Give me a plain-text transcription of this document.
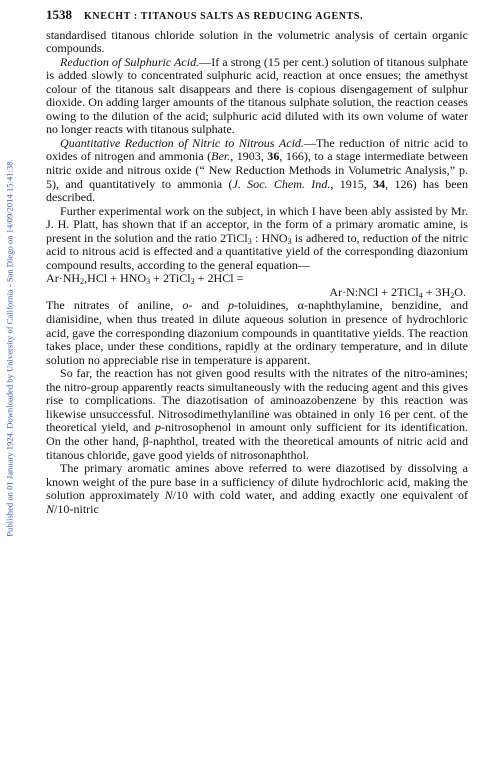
Published on 01 January 1924. Downloaded by University of California - San Diego on 14/09/2014 15:41:38.
1538 KNECHT : TITANOUS SALTS AS REDUCING AGENTS.

standardised titanous chloride solution in the volumetric analysis of certain organic compounds.

Reduction of Sulphuric Acid.—If a strong (15 per cent.) solution of titanous sulphate is added slowly to concentrated sulphuric acid, reaction at once ensues; the amethyst colour of the titanous salt disappears and there is copious disengagement of sulphur dioxide. On adding larger amounts of the titanous sulphate solution, the reaction ceases owing to the dilution of the acid; sulphuric acid diluted with its own volume of water no longer reacts with titanous sulphate.

Quantitative Reduction of Nitric to Nitrous Acid.—The reduction of nitric acid to oxides of nitrogen and ammonia (Ber., 1903, 36, 166), to a stage intermediate between nitric oxide and nitrous oxide (“ New Reduction Methods in Volumetric Analysis,” p. 5), and quantitatively to ammonia (J. Soc. Chem. Ind., 1915, 34, 126) has been described.

Further experimental work on the subject, in which I have been ably assisted by Mr. J. H. Platt, has shown that if an acceptor, in the form of a primary aromatic amine, is present in the solution and the ratio 2TiCl$_3$ : $HNO_3$ is adhered to, reduction of the nitric acid to nitrous acid is effected and a quantitative yield of the corresponding diazonium compound results, according to the general equation—

$Ar\cdot NH_2,HCl + HNO_3$ + 2TiCl$_3$ + 2HCl =

Ar·N:NCl + 2TiCl$_4$ + $3H_2O$.

The nitrates of aniline, o- and p-toluidines, α-naphthylamine, benzidine, and dianisidine, when thus treated in dilute aqueous solution in presence of hydrochloric acid, gave the corresponding diazonium compounds in quantitative yields. The reaction takes place, under these conditions, rapidly at the ordinary temperature, and in dilute solution no appreciable rise in temperature is apparent.

So far, the reaction has not given good results with the nitrates of the nitro-amines; the nitro-group apparently reacts simultaneously with the reducing agent and this gives rise to complications. The diazotisation of aminoazobenzene by this reaction was likewise unsuccessful. Nitrosodimethylaniline was obtained in only 16 per cent. of the theoretical yield, and p-nitrosophenol in amount only sufficient for its identification. On the other hand, β-naphthol, treated with the theoretical amounts of nitric acid and titanous chloride, gave good yields of nitrosonaphthol.

The primary aromatic amines above referred to were diazotised by dissolving a known weight of the pure base in a sufficiency of dilute hydrochloric acid, making the solution approximately N/10 with cold water, and adding exactly one equivalent of N/10-nitric
